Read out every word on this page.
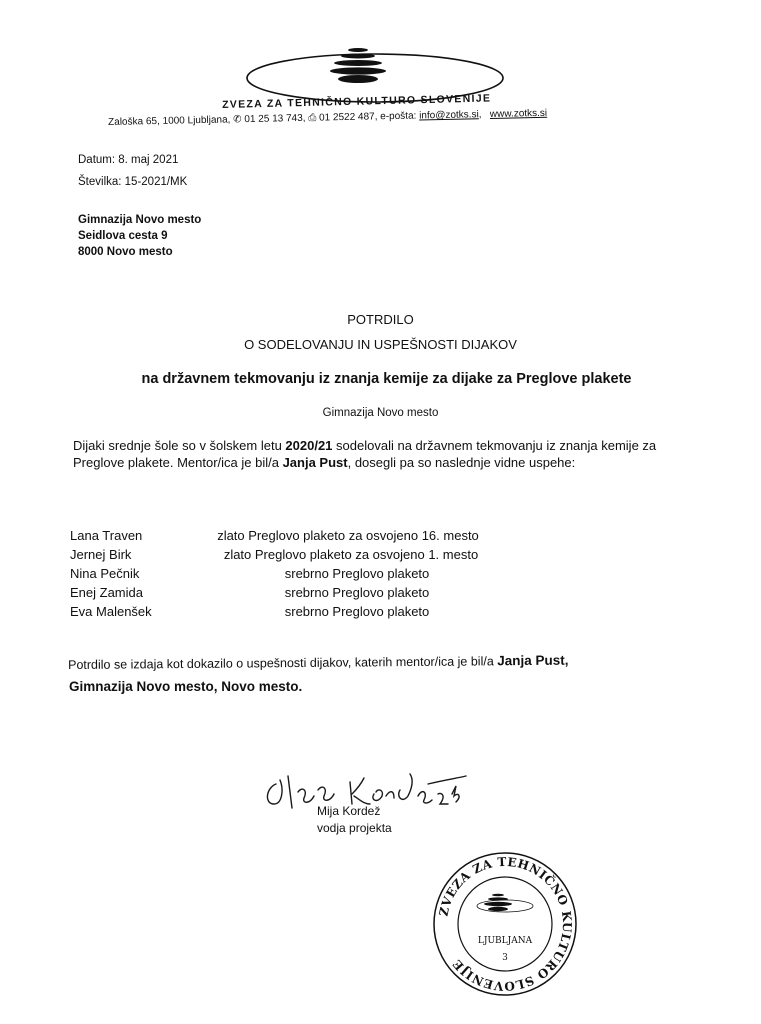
ZVEZA ZA TEHNIČNO KULTURO SLOVENIJE
Zaloška 65, 1000 Ljubljana, ✆ 01 25 13 743, ⎙ 01 2522 487, e-pošta: info@zotks.si,   www.zotks.si
Datum: 8. maj 2021
Številka: 15-2021/MK
Gimnazija Novo mesto
Seidlova cesta 9
8000 Novo mesto
POTRDILO
O SODELOVANJU IN USPEŠNOSTI DIJAKOV
na državnem tekmovanju iz znanja kemije za dijake za Preglove plakete
Gimnazija Novo mesto
Dijaki srednje šole so v šolskem letu 2020/21 sodelovali na državnem tekmovanju iz znanja kemije za Preglove plakete. Mentor/ica je bil/a Janja Pust, dosegli pa so naslednje vidne uspehe:
Lana Traven	zlato Preglovo plaketo za osvojeno 16. mesto
Jernej Birk	zlato Preglovo plaketo za osvojeno 1. mesto
Nina Pečnik	srebrno Preglovo plaketo
Enej Zamida	srebrno Preglovo plaketo
Eva Malenšek	srebrno Preglovo plaketo
Potrdilo se izdaja kot dokazilo o uspešnosti dijakov, katerih mentor/ica je bil/a Janja Pust,
Gimnazija Novo mesto, Novo mesto.
Mija Kordež
vodja projekta
ZVEZA ZA TEHNIČNO KULTURO SLOVENIJE
LJUBLJANA
3
